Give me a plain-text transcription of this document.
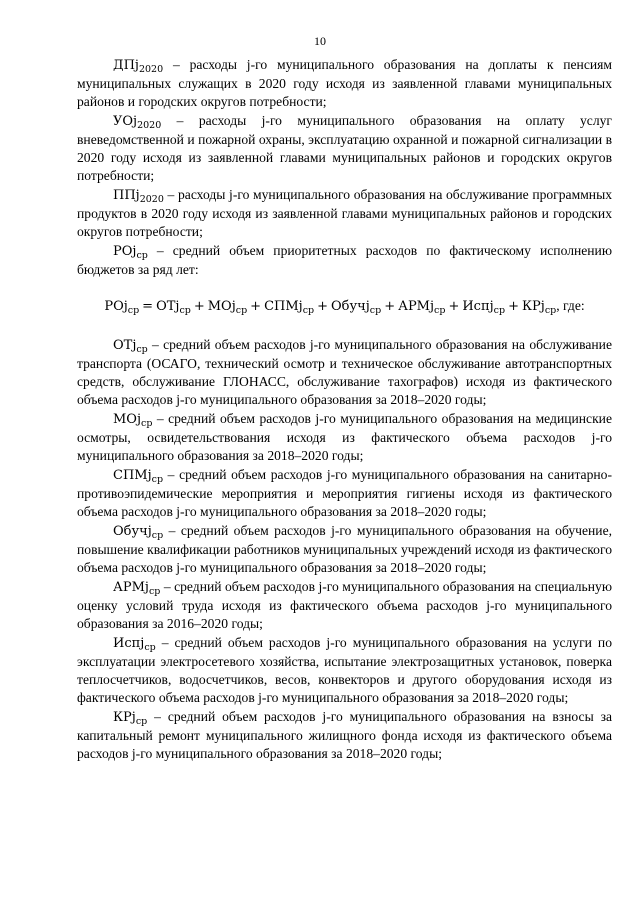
10

ДПj$_{2020}$ – расходы j-го муниципального образования на доплаты к пенсиям муниципальных служащих в 2020 году исходя из заявленной главами муниципальных районов и городских округов потребности;

УОj$_{2020}$ – расходы j-го муниципального образования на оплату услуг вневедомственной и пожарной охраны, эксплуатацию охранной и пожарной сигнализации в 2020 году исходя из заявленной главами муниципальных районов и городских округов потребности;

ППj$_{2020}$ – расходы j-го муниципального образования на обслуживание программных продуктов в 2020 году исходя из заявленной главами муниципальных районов и городских округов потребности;

РОj$_{ср}$ – средний объем приоритетных расходов по фактическому исполнению бюджетов за ряд лет:

РОj$_{ср}$ = ОТj$_{ср}$ + МОj$_{ср}$ + СПМj$_{ср}$ + Обучj$_{ср}$ + АРМj$_{ср}$ + Испj$_{ср}$ + КРj$_{ср}$, где:

ОТj$_{ср}$ – средний объем расходов j-го муниципального образования на обслуживание транспорта (ОСАГО, технический осмотр и техническое обслуживание автотранспортных средств, обслуживание ГЛОНАСС, обслуживание тахографов) исходя из фактического объема расходов j-го муниципального образования за 2018–2020 годы;

МОj$_{ср}$ – средний объем расходов j-го муниципального образования на медицинские осмотры, освидетельствования исходя из фактического объема расходов j-го муниципального образования за 2018–2020 годы;

СПМj$_{ср}$ – средний объем расходов j-го муниципального образования на санитарно-противоэпидемические мероприятия и мероприятия гигиены исходя из фактического объема расходов j-го муниципального образования за 2018–2020 годы;

Обучj$_{ср}$ – средний объем расходов j-го муниципального образования на обучение, повышение квалификации работников муниципальных учреждений исходя из фактического объема расходов j-го муниципального образования за 2018–2020 годы;

АРМj$_{ср}$ – средний объем расходов j-го муниципального образования на специальную оценку условий труда исходя из фактического объема расходов j-го муниципального образования за 2016–2020 годы;

Испj$_{ср}$ – средний объем расходов j-го муниципального образования на услуги по эксплуатации электросетевого хозяйства, испытание электрозащитных установок, поверка теплосчетчиков, водосчетчиков, весов, конвекторов и другого оборудования исходя из фактического объема расходов j-го муниципального образования за 2018–2020 годы;

КРj$_{ср}$ – средний объем расходов j-го муниципального образования на взносы за капитальный ремонт муниципального жилищного фонда исходя из фактического объема расходов j-го муниципального образования за 2018–2020 годы;
